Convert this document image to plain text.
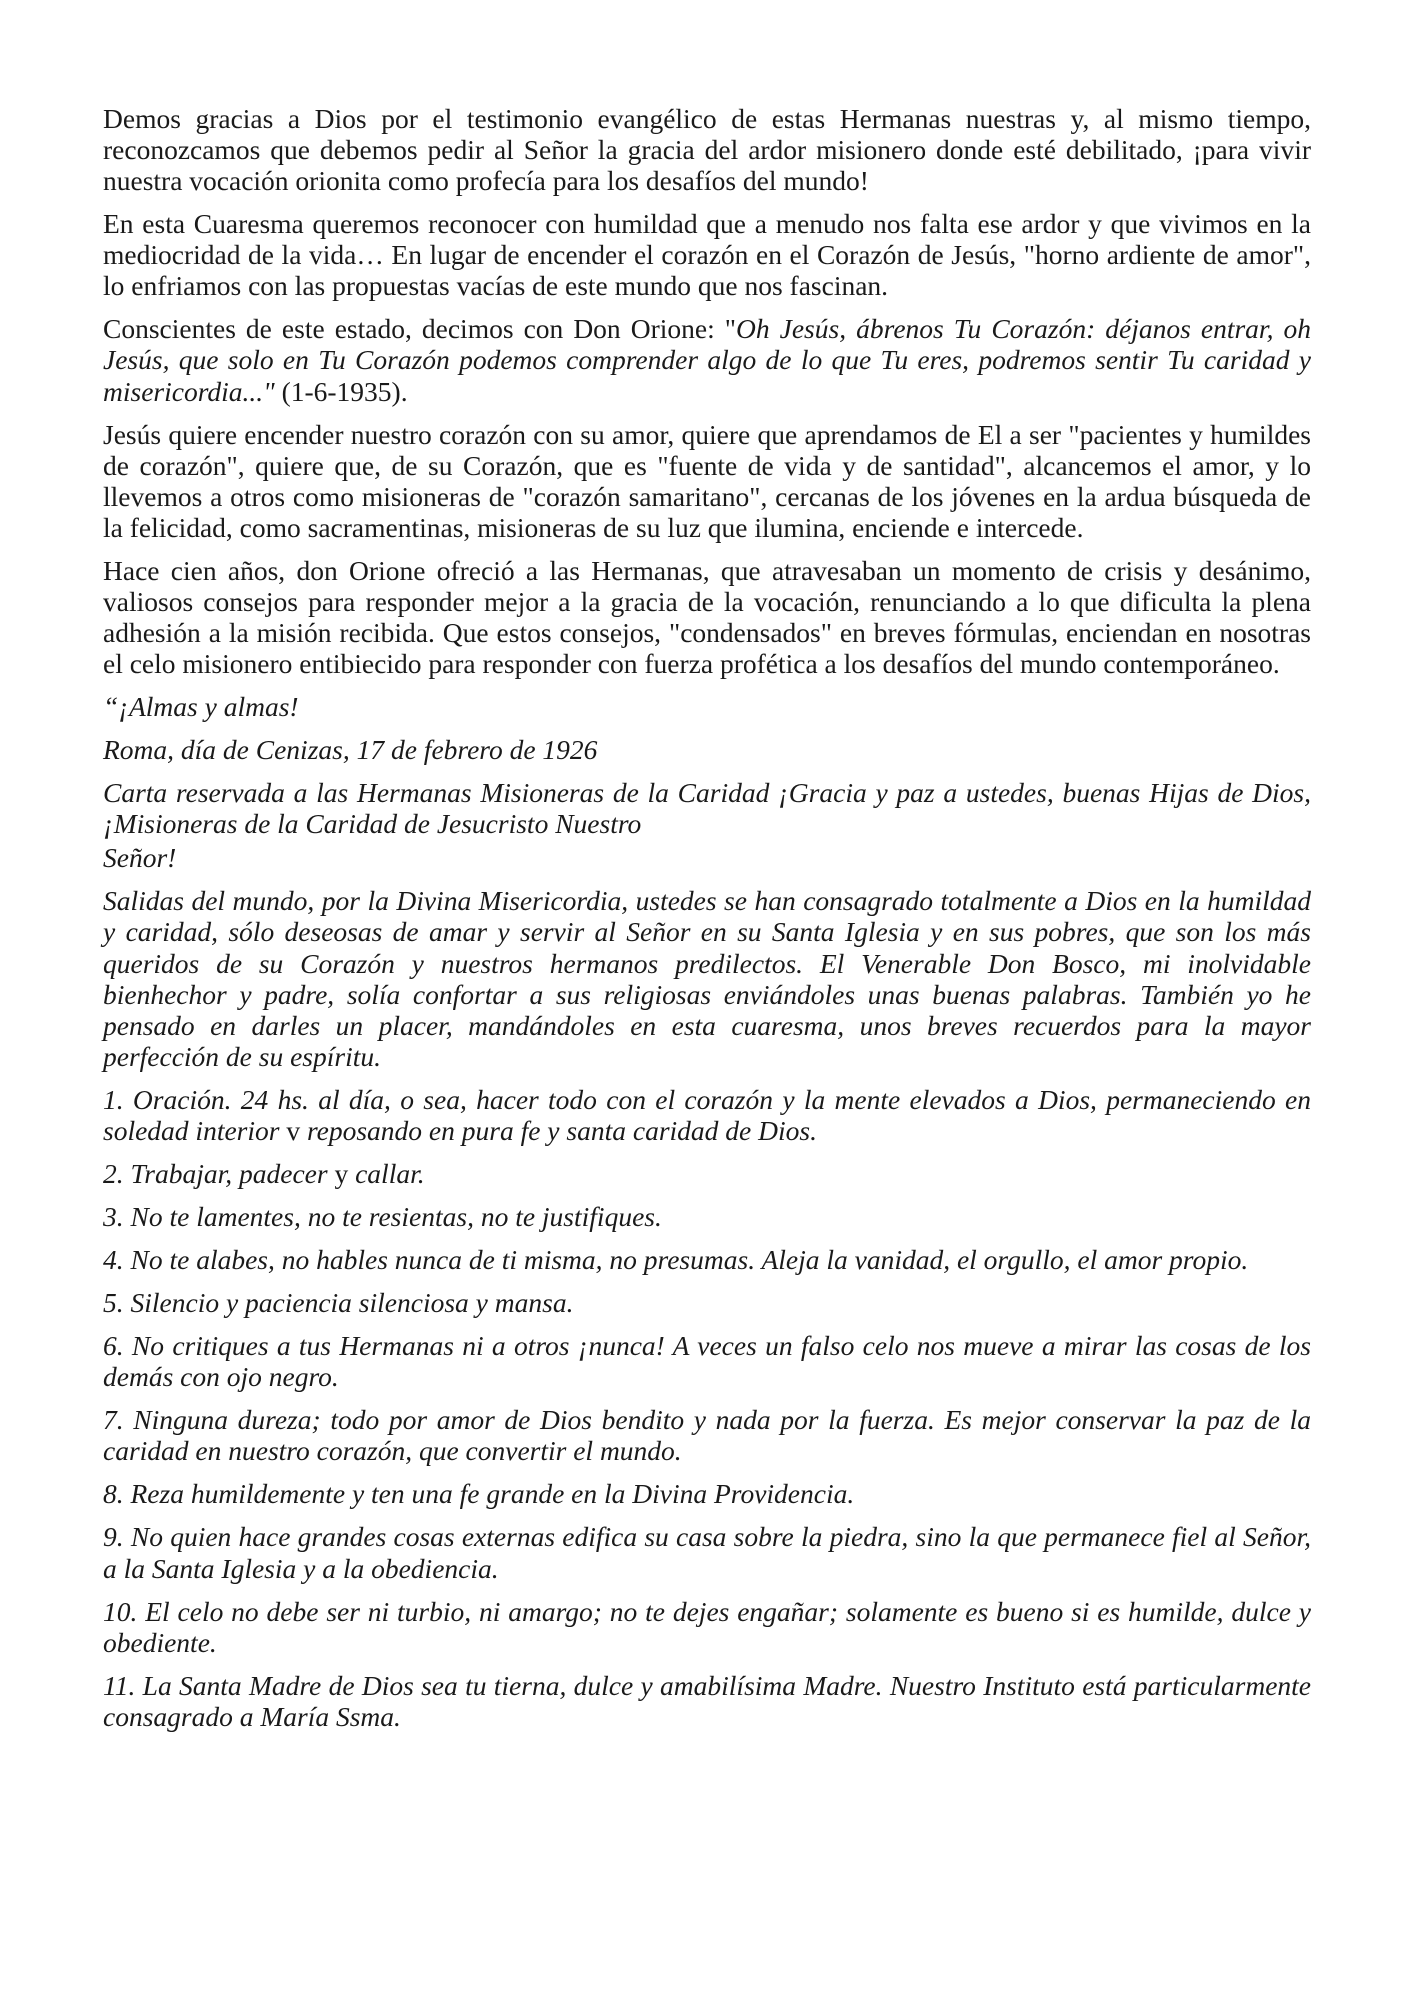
Demos gracias a Dios por el testimonio evangélico de estas Hermanas nuestras y, al mismo tiempo, reconozcamos que debemos pedir al Señor la gracia del ardor misionero donde esté debilitado, ¡para vivir nuestra vocación orionita como profecía para los desafíos del mundo!

En esta Cuaresma queremos reconocer con humildad que a menudo nos falta ese ardor y que vivimos en la mediocridad de la vida… En lugar de encender el corazón en el Corazón de Jesús, "horno ardiente de amor", lo enfriamos con las propuestas vacías de este mundo que nos fascinan.

Conscientes de este estado, decimos con Don Orione: "Oh Jesús, ábrenos Tu Corazón: déjanos entrar, oh Jesús, que solo en Tu Corazón podemos comprender algo de lo que Tu eres, podremos sentir Tu caridad y misericordia..." (1-6-1935).

Jesús quiere encender nuestro corazón con su amor, quiere que aprendamos de El a ser "pacientes y humildes de corazón", quiere que, de su Corazón, que es "fuente de vida y de santidad", alcancemos el amor, y lo llevemos a otros como misioneras de "corazón samaritano", cercanas de los jóvenes en la ardua búsqueda de la felicidad, como sacramentinas, misioneras de su luz que ilumina, enciende e intercede.

Hace cien años, don Orione ofreció a las Hermanas, que atravesaban un momento de crisis y desánimo, valiosos consejos para responder mejor a la gracia de la vocación, renunciando a lo que dificulta la plena adhesión a la misión recibida. Que estos consejos, "condensados" en breves fórmulas, enciendan en nosotras el celo misionero entibiecido para responder con fuerza profética a los desafíos del mundo contemporáneo.

“¡Almas y almas!

Roma, día de Cenizas, 17 de febrero de 1926

Carta reservada a las Hermanas Misioneras de la Caridad ¡Gracia y paz a ustedes, buenas Hijas de Dios, ¡Misioneras de la Caridad de Jesucristo Nuestro

Señor!

Salidas del mundo, por la Divina Misericordia, ustedes se han consagrado totalmente a Dios en la humildad y caridad, sólo deseosas de amar y servir al Señor en su Santa Iglesia y en sus pobres, que son los más queridos de su Corazón y nuestros hermanos predilectos. El Venerable Don Bosco, mi inolvidable bienhechor y padre, solía confortar a sus religiosas enviándoles unas buenas palabras. También yo he pensado en darles un placer, mandándoles en esta cuaresma, unos breves recuerdos para la mayor perfección de su espíritu.

1. Oración. 24 hs. al día, o sea, hacer todo con el corazón y la mente elevados a Dios, permaneciendo en soledad interior v reposando en pura fe y santa caridad de Dios.

2. Trabajar, padecer y callar.

3. No te lamentes, no te resientas, no te justifiques.

4. No te alabes, no hables nunca de ti misma, no presumas. Aleja la vanidad, el orgullo, el amor propio.

5. Silencio y paciencia silenciosa y mansa.

6. No critiques a tus Hermanas ni a otros ¡nunca! A veces un falso celo nos mueve a mirar las cosas de los demás con ojo negro.

7. Ninguna dureza; todo por amor de Dios bendito y nada por la fuerza. Es mejor conservar la paz de la caridad en nuestro corazón, que convertir el mundo.

8. Reza humildemente y ten una fe grande en la Divina Providencia.

9. No quien hace grandes cosas externas edifica su casa sobre la piedra, sino la que permanece fiel al Señor, a la Santa Iglesia y a la obediencia.

10. El celo no debe ser ni turbio, ni amargo; no te dejes engañar; solamente es bueno si es humilde, dulce y obediente.

11. La Santa Madre de Dios sea tu tierna, dulce y amabilísima Madre. Nuestro Instituto está particularmente consagrado a María Ssma.
